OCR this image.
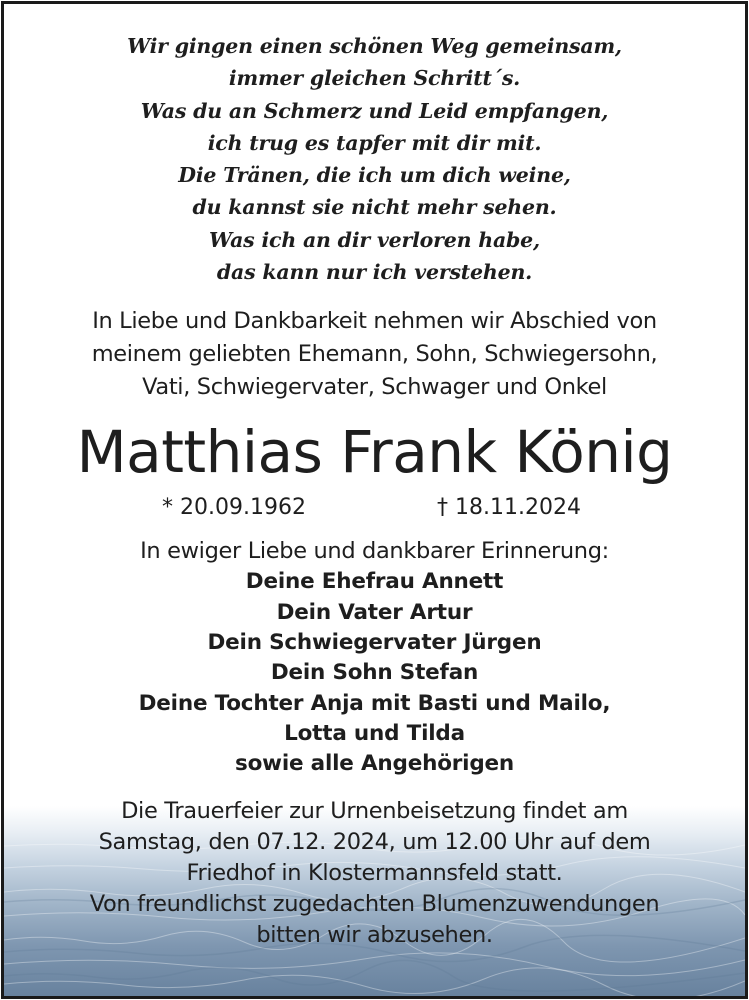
Wir gingen einen schönen Weg gemeinsam,
immer gleichen Schritt´s.
Was du an Schmerz und Leid empfangen,
ich trug es tapfer mit dir mit.
Die Tränen, die ich um dich weine,
du kannst sie nicht mehr sehen.
Was ich an dir verloren habe,
das kann nur ich verstehen.
In Liebe und Dankbarkeit nehmen wir Abschied von
meinem geliebten Ehemann, Sohn, Schwiegersohn,
Vati, Schwiegervater, Schwager und Onkel
Matthias Frank König
* 20.09.1962	† 18.11.2024
In ewiger Liebe und dankbarer Erinnerung:
Deine Ehefrau Annett
Dein Vater Artur
Dein Schwiegervater Jürgen
Dein Sohn Stefan
Deine Tochter Anja mit Basti und Mailo,
Lotta und Tilda
sowie alle Angehörigen
Die Trauerfeier zur Urnenbeisetzung findet am
Samstag, den 07.12. 2024, um 12.00 Uhr auf dem
Friedhof in Klostermannsfeld statt.
Von freundlichst zugedachten Blumenzuwendungen
bitten wir abzusehen.
